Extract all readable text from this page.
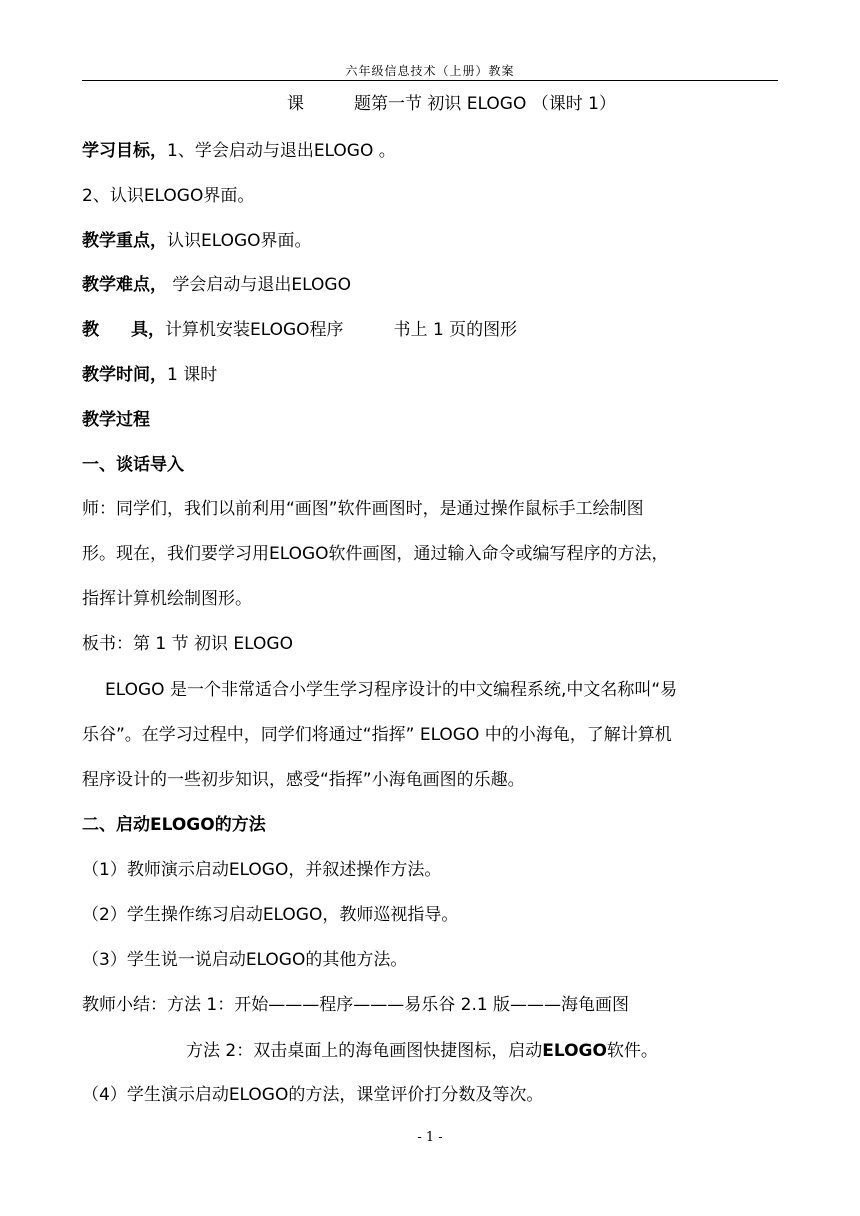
六年级信息技术（上册）教案
课	题第一节 初识 ELOGO （课时 1）
学习目标，1、学会启动与退出ELOGO 。
2、认识ELOGO界面。
教学重点，认识ELOGO界面。
教学难点， 学会启动与退出ELOGO
教 具，计算机安装ELOGO程序	书上 1 页的图形
教学时间，1 课时
教学过程
一、谈话导入
师：同学们，我们以前利用“画图”软件画图时，是通过操作鼠标手工绘制图
形。现在，我们要学习用ELOGO软件画图，通过输入命令或编写程序的方法，
指挥计算机绘制图形。
板书：第 1 节 初识 ELOGO
ELOGO 是一个非常适合小学生学习程序设计的中文编程系统,中文名称叫“易
乐谷”。在学习过程中，同学们将通过“指挥” ELOGO 中的小海龟，了解计算机
程序设计的一些初步知识，感受“指挥”小海龟画图的乐趣。
二、启动ELOGO的方法
（1）教师演示启动ELOGO，并叙述操作方法。
（2）学生操作练习启动ELOGO，教师巡视指导。
（3）学生说一说启动ELOGO的其他方法。
教师小结：方法 1：开始———程序———易乐谷 2.1 版———海龟画图
方法 2：双击桌面上的海龟画图快捷图标，启动ELOGO软件。
（4）学生演示启动ELOGO的方法，课堂评价打分数及等次。
- 1 -
